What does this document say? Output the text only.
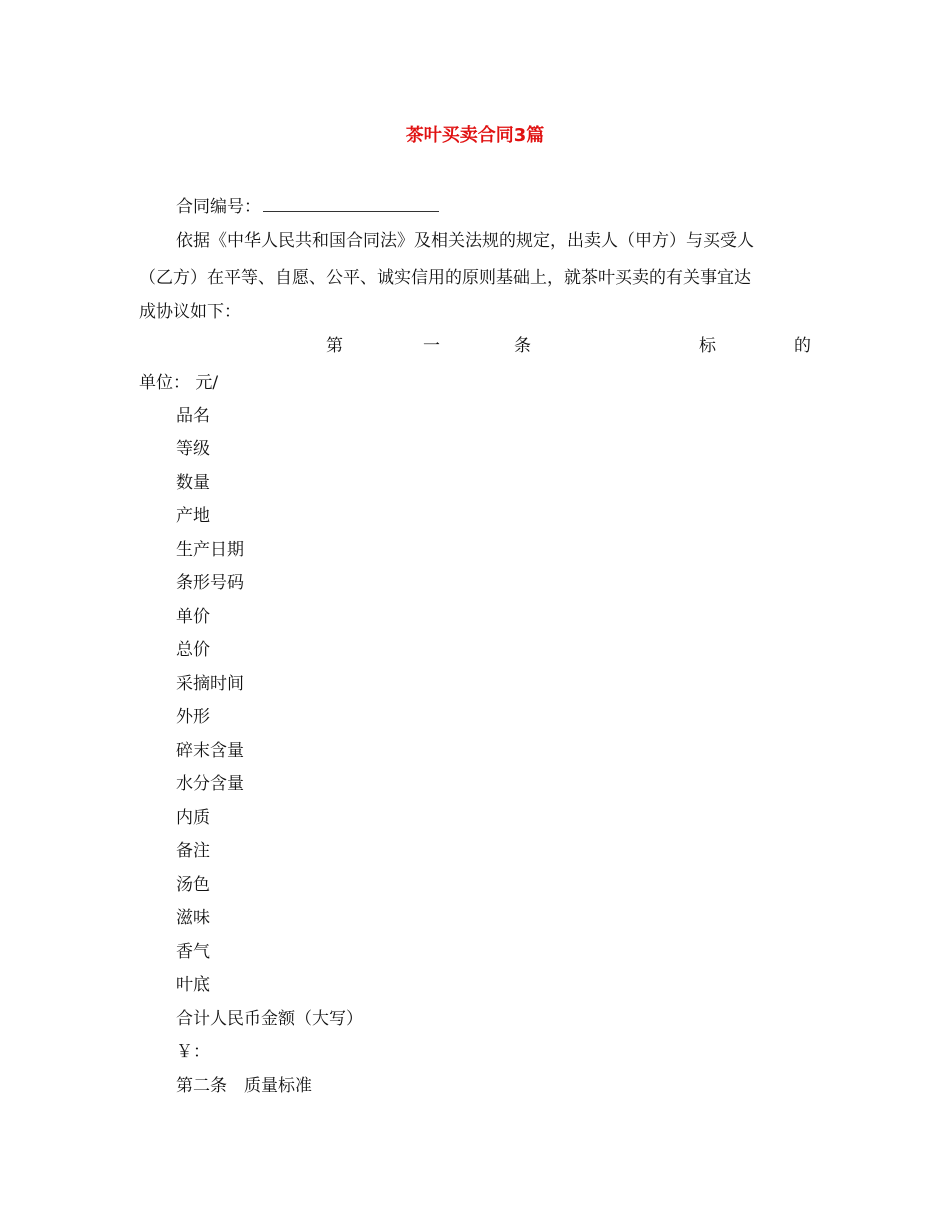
茶叶买卖合同3篇
合同编号：
依据《中华人民共和国合同法》及相关法规的规定，出卖人（甲方）与买受人
（乙方）在平等、自愿、公平、诚实信用的原则基础上，就茶叶买卖的有关事宜达
成协议如下：
第	一	条	标	的
单位： 元/
品名
等级
数量
产地
生产日期
条形号码
单价
总价
采摘时间
外形
碎末含量
水分含量
内质
备注
汤色
滋味
香气
叶底
合计人民币金额（大写）
￥：
第二条　质量标准
